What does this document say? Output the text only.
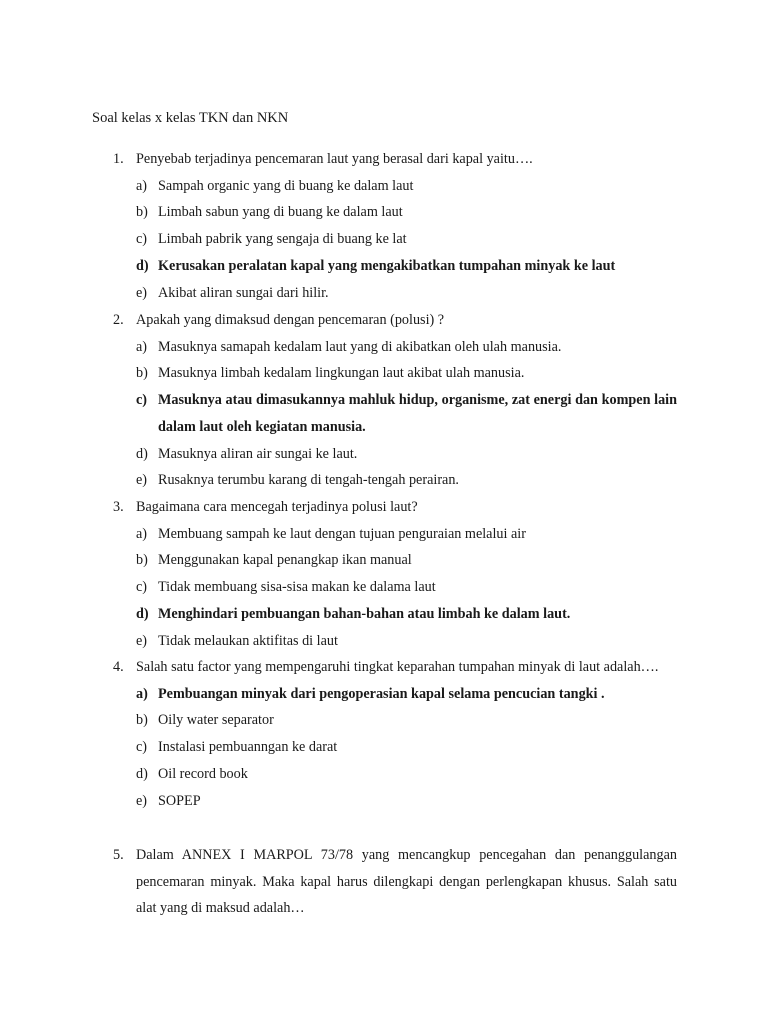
Soal kelas x kelas TKN dan NKN
1. Penyebab terjadinya pencemaran laut yang berasal dari kapal yaitu….
a) Sampah organic yang di buang ke dalam laut
b) Limbah sabun yang di buang ke dalam laut
c) Limbah pabrik yang sengaja di buang ke lat
d) Kerusakan peralatan kapal yang mengakibatkan tumpahan minyak ke laut
e) Akibat aliran sungai dari hilir.
2. Apakah yang dimaksud dengan pencemaran (polusi) ?
a) Masuknya samapah kedalam laut yang di akibatkan oleh ulah manusia.
b) Masuknya limbah kedalam lingkungan laut akibat ulah manusia.
c) Masuknya atau dimasukannya mahluk hidup, organisme, zat energi dan kompen lain dalam laut oleh kegiatan manusia.
d) Masuknya aliran air sungai ke laut.
e) Rusaknya terumbu karang di tengah-tengah perairan.
3. Bagaimana cara mencegah terjadinya polusi laut?
a) Membuang sampah ke laut dengan tujuan penguraian melalui air
b) Menggunakan kapal penangkap ikan manual
c) Tidak membuang sisa-sisa makan ke dalama laut
d) Menghindari pembuangan bahan-bahan atau limbah ke dalam laut.
e) Tidak melaukan aktifitas di laut
4. Salah satu factor yang mempengaruhi tingkat keparahan tumpahan minyak di laut adalah….
a) Pembuangan minyak dari pengoperasian kapal selama pencucian tangki .
b) Oily water separator
c) Instalasi pembuanngan ke darat
d) Oil record book
e) SOPEP
5. Dalam ANNEX I MARPOL 73/78 yang mencangkup pencegahan dan penanggulangan pencemaran minyak. Maka kapal harus dilengkapi dengan perlengkapan khusus. Salah satu alat yang di maksud adalah…
